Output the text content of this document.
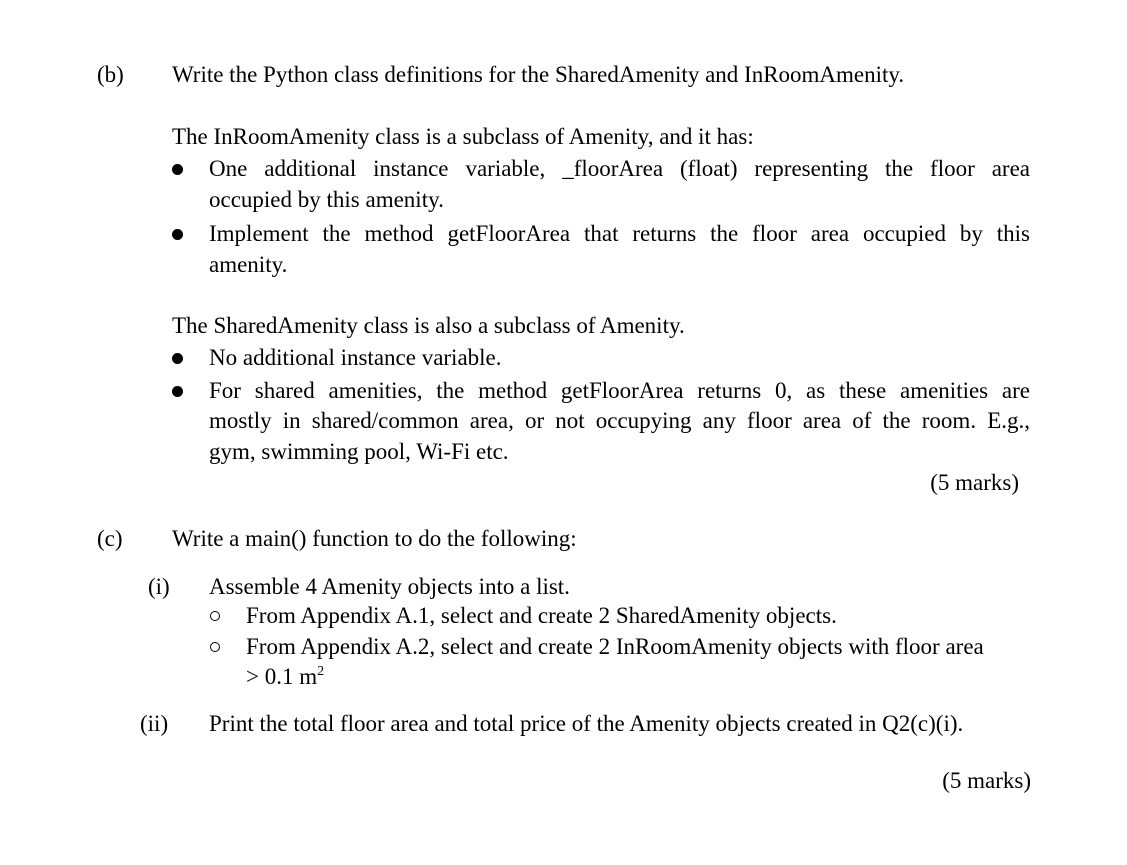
(b) Write the Python class definitions for the SharedAmenity and InRoomAmenity.
The InRoomAmenity class is a subclass of Amenity, and it has:
One additional instance variable, _floorArea (float) representing the floor area
occupied by this amenity.
Implement the method getFloorArea that returns the floor area occupied by this
amenity.
The SharedAmenity class is also a subclass of Amenity.
No additional instance variable.
For shared amenities, the method getFloorArea returns 0, as these amenities are
mostly in shared/common area, or not occupying any floor area of the room. E.g.,
gym, swimming pool, Wi-Fi etc.
(5 marks)
(c) Write a main() function to do the following:
(i) Assemble 4 Amenity objects into a list.
From Appendix A.1, select and create 2 SharedAmenity objects.
From Appendix A.2, select and create 2 InRoomAmenity objects with floor area
> 0.1 $m^2$
(ii) Print the total floor area and total price of the Amenity objects created in Q2(c)(i).
(5 marks)
